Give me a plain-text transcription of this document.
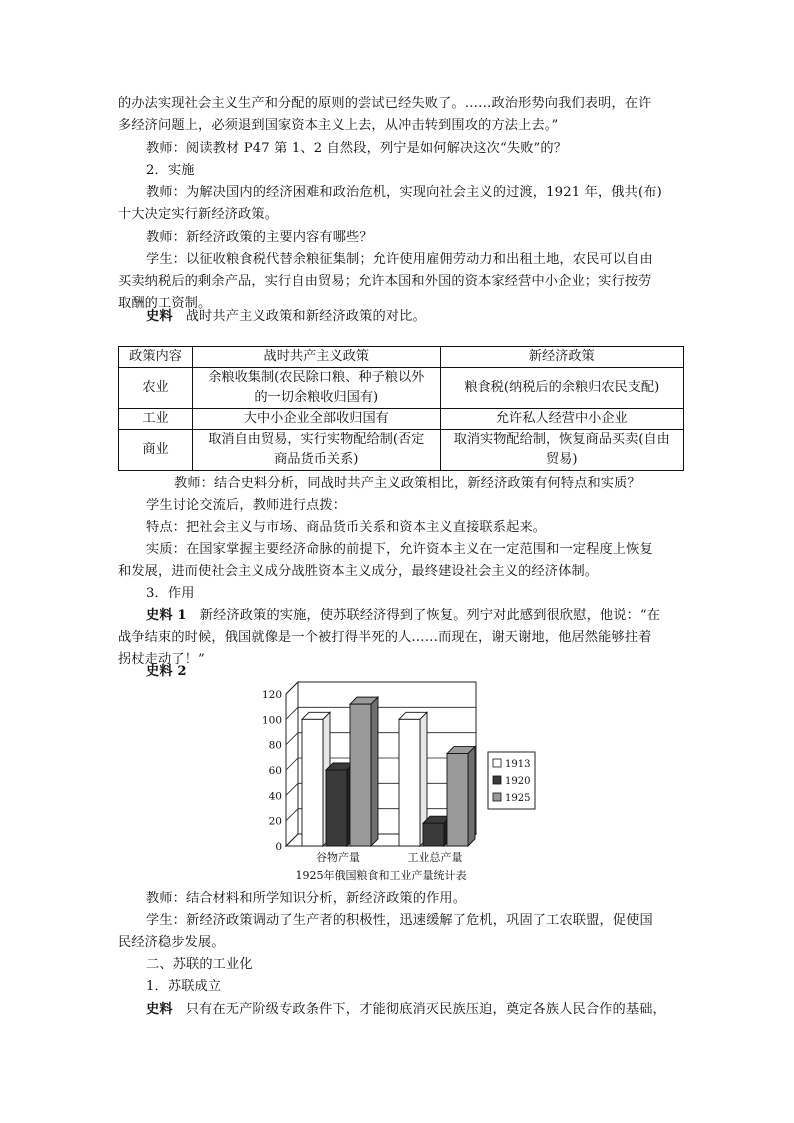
的办法实现社会主义生产和分配的原则的尝试已经失败了。……政治形势向我们表明，在许
多经济问题上，必须退到国家资本主义上去，从冲击转到围攻的方法上去。”
教师：阅读教材 P47 第 1、2 自然段，列宁是如何解决这次“失败”的？
2．实施
教师：为解决国内的经济困难和政治危机，实现向社会主义的过渡，1921 年，俄共(布)
十大决定实行新经济政策。
教师：新经济政策的主要内容有哪些？
学生：以征收粮食税代替余粮征集制；允许使用雇佣劳动力和出租土地，农民可以自由
买卖纳税后的剩余产品，实行自由贸易；允许本国和外国的资本家经营中小企业；实行按劳
取酬的工资制。
史料 战时共产主义政策和新经济政策的对比。
政策内容	战时共产主义政策	新经济政策
农业	余粮收集制(农民除口粮、种子粮以外
的一切余粮收归国有)	粮食税(纳税后的余粮归农民支配)
工业	大中小企业全部收归国有	允许私人经营中小企业
商业	取消自由贸易，实行实物配给制(否定
商品货币关系)	取消实物配给制，恢复商品买卖(自由
贸易)
教师：结合史料分析，同战时共产主义政策相比，新经济政策有何特点和实质？
学生讨论交流后，教师进行点拨：
特点：把社会主义与市场、商品货币关系和资本主义直接联系起来。
实质：在国家掌握主要经济命脉的前提下，允许资本主义在一定范围和一定程度上恢复
和发展，进而使社会主义成分战胜资本主义成分，最终建设社会主义的经济体制。
3．作用
史料 1 新经济政策的实施，使苏联经济得到了恢复。列宁对此感到很欣慰，他说：“在
战争结束的时候，俄国就像是一个被打得半死的人……而现在，谢天谢地，他居然能够拄着
拐杖走动了！”
史料 2
0
20
40
60
80
100
120
谷物产量	工业总产量
1913
1920
1925
1925年俄国粮食和工业产量统计表
教师：结合材料和所学知识分析，新经济政策的作用。
学生：新经济政策调动了生产者的积极性，迅速缓解了危机，巩固了工农联盟，促使国
民经济稳步发展。
二、苏联的工业化
1．苏联成立
史料 只有在无产阶级专政条件下，才能彻底消灭民族压迫，奠定各族人民合作的基础，
